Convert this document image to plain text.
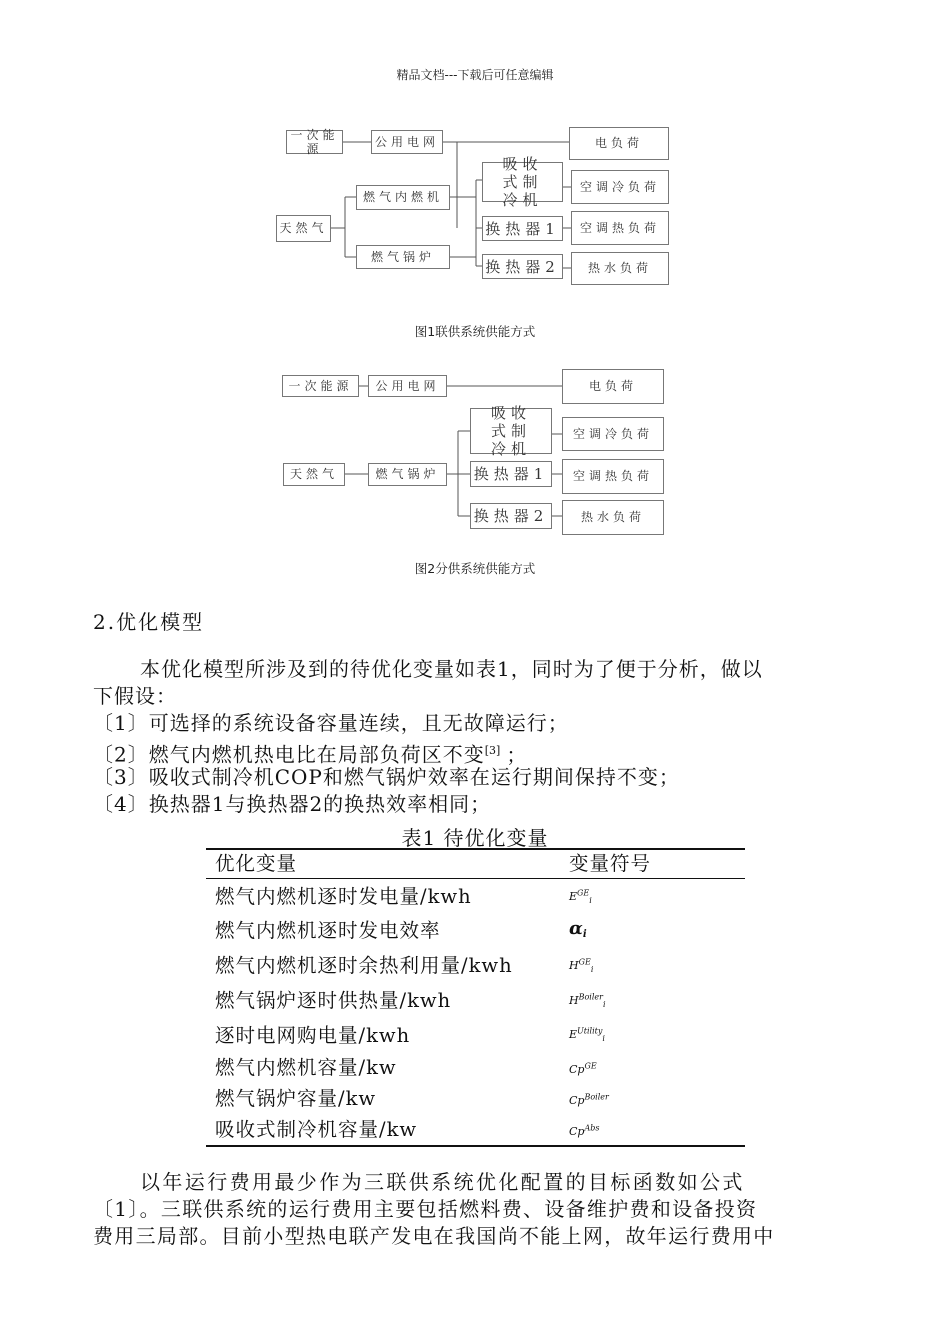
精品文档---下载后可任意编辑
一次能源
公用电网	电负荷
吸收式制冷机
燃气内燃机
空调冷负荷
天然气	换热器1	空调热负荷
燃气锅炉
换热器2	热水负荷
图1联供系统供能方式
一次能源	公用电网	电负荷
吸收式制冷机
空调冷负荷
天然气	燃气锅炉	换热器1	空调热负荷
换热器2	热水负荷
图2分供系统供能方式
2.优化模型
本优化模型所涉及到的待优化变量如表1，同时为了便于分析，做以
下假设：
〔1〕可选择的系统设备容量连续，且无故障运行；
〔2〕燃气内燃机热电比在局部负荷区不变[3] ；
〔3〕吸收式制冷机COP和燃气锅炉效率在运行期间保持不变；
〔4〕换热器1与换热器2的换热效率相同；
表1 待优化变量
优化变量	变量符号
燃气内燃机逐时发电量/kwh	$E^{GE}_i$
燃气内燃机逐时发电效率	$\alpha_i$
燃气内燃机逐时余热利用量/kwh	$H^{GE}_i$
燃气锅炉逐时供热量/kwh	$H^{Boiler}_i$
逐时电网购电量/kwh	$E^{Utility}_i$
燃气内燃机容量/kw	$Cp^{GE}$
燃气锅炉容量/kw	$Cp^{Boiler}$
吸收式制冷机容量/kw	$Cp^{Abs}$
以年运行费用最少作为三联供系统优化配置的目标函数如公式
〔1〕。三联供系统的运行费用主要包括燃料费、设备维护费和设备投资
费用三局部。目前小型热电联产发电在我国尚不能上网，故年运行费用中
